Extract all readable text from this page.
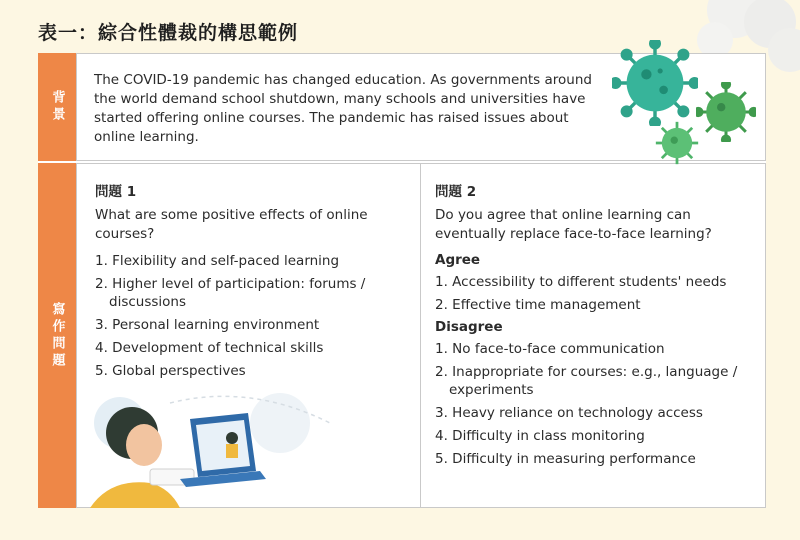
表一：綜合性體裁的構思範例
背景
The COVID-19 pandemic has changed education. As governments around the world demand school shutdown, many schools and universities have started offering online courses. The pandemic has raised issues about online learning.
寫作問題
問題 1
What are some positive effects of online courses?
1. Flexibility and self-paced learning
2. Higher level of participation: forums / discussions
3. Personal learning environment
4. Development of technical skills
5. Global perspectives
問題 2
Do you agree that online learning can eventually replace face-to-face learning?
Agree
1. Accessibility to different students' needs
2. Effective time management
Disagree
1. No face-to-face communication
2. Inappropriate for courses: e.g., language / experiments
3. Heavy reliance on technology access
4. Difficulty in class monitoring
5. Difficulty in measuring performance
